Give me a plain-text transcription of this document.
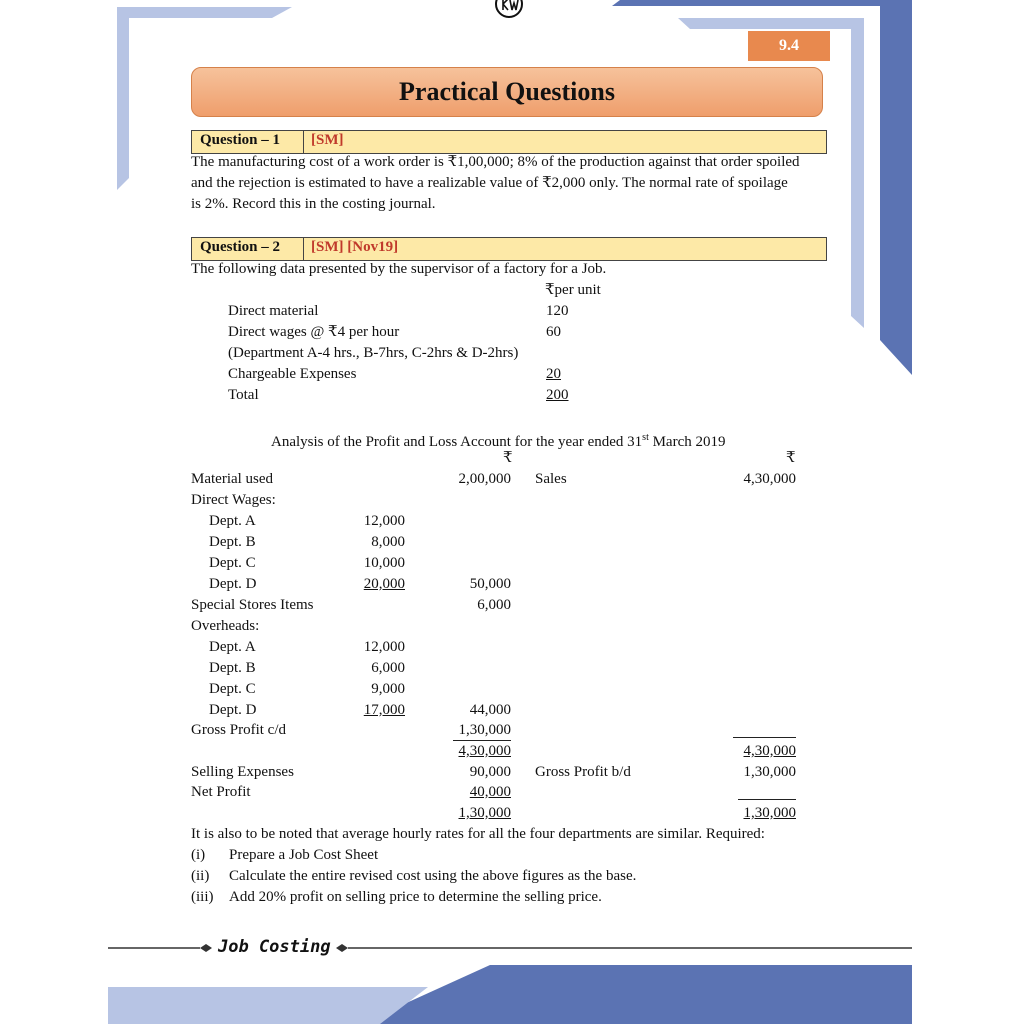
9.4
Practical Questions
Question – 1 [SM]
The manufacturing cost of a work order is ₹1,00,000; 8% of the production against that order spoiled
and the rejection is estimated to have a realizable value of ₹2,000 only. The normal rate of spoilage
is 2%. Record this in the costing journal.
Question – 2 [SM] [Nov19]
The following data presented by the supervisor of a factory for a Job.
₹per unit
Direct material	120
Direct wages @ ₹4 per hour	60
(Department A-4 hrs., B-7hrs, C-2hrs & D-2hrs)
Chargeable Expenses	20
Total	200
Analysis of the Profit and Loss Account for the year ended 31st March 2019
₹	₹
Material used	2,00,000 Sales	4,30,000
Direct Wages:
Dept. A	12,000
Dept. B	8,000
Dept. C	10,000
Dept. D	20,000	50,000
Special Stores Items	6,000
Overheads:
Dept. A	12,000
Dept. B	6,000
Dept. C	9,000
Dept. D	17,000	44,000
Gross Profit c/d	1,30,000
4,30,000	4,30,000
Selling Expenses	90,000 Gross Profit b/d	1,30,000
Net Profit	40,000
1,30,000	1,30,000
It is also to be noted that average hourly rates for all the four departments are similar. Required:
(i) Prepare a Job Cost Sheet
(ii) Calculate the entire revised cost using the above figures as the base.
(iii) Add 20% profit on selling price to determine the selling price.
Job Costing
